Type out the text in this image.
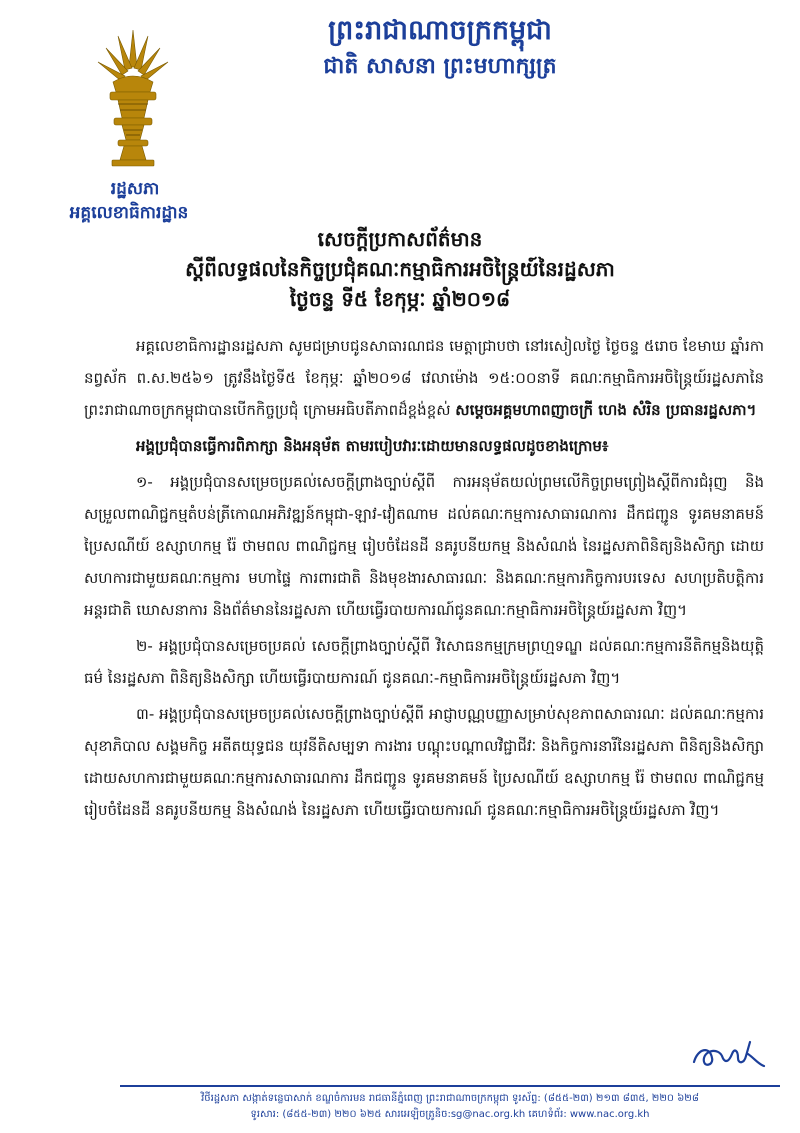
ព្រះរាជាណាចក្រកម្ពុជា
ជាតិ សាសនា ព្រះមហាក្សត្រ
រដ្ឋសភា
អគ្គលេខាធិការដ្ឋាន
សេចក្តីប្រកាសព័ត៌មាន
ស្តីពីលទ្ធផលនៃកិច្ចប្រជុំគណៈកម្មាធិការអចិន្ត្រៃយ៍នៃរដ្ឋសភា
ថ្ងៃចន្ទ ទី៥ ខែកុម្ភៈ ឆ្នាំ២០១៨

អគ្គលេខាធិការដ្ឋានរដ្ឋសភា សូមជម្រាបជូនសាធារណជន មេត្តាជ្រាបថា នៅរសៀលថ្ងៃ ថ្ងៃចន្ទ ៥រោច ខែមាឃ ឆ្នាំរកា នព្វស័ក ព.ស.២៥៦១ ត្រូវនឹងថ្ងៃទី៥ ខែកុម្ភៈ ឆ្នាំ២០១៨ វេលាម៉ោង ១៥:០០នាទី គណៈកម្មាធិការអចិន្ត្រៃយ៍រដ្ឋសភានៃព្រះរាជាណាចក្រកម្ពុជាបានបើកកិច្ចប្រជុំ ក្រោមអធិបតីភាពដ៏ខ្ពង់ខ្ពស់ សម្តេចអគ្គមហាពញាចក្រី ហេង សំរិន ប្រធានរដ្ឋសភា។

អង្គប្រជុំបានធ្វើការពិភាក្សា និងអនុម័ត តាមរបៀបវារៈដោយមានលទ្ធផលដូចខាងក្រោម៖

១- អង្គប្រជុំបានសម្រេចប្រគល់សេចក្តីព្រាងច្បាប់ស្តីពី ការអនុម័តយល់ព្រមលើកិច្ចព្រមព្រៀងស្តីពីការជំរុញ និងសម្រួលពាណិជ្ជកម្មតំបន់ត្រីកោណអភិវឌ្ឍន៍កម្ពុជា-ឡាវ-វៀតណាម ដល់គណៈកម្មការសាធារណការ ដឹកជញ្ជូន ទូរគមនាគមន៍ ប្រៃសណីយ៍ ឧស្សាហកម្ម រ៉ែ ថាមពល ពាណិជ្ជកម្ម រៀបចំដែនដី នគរូបនីយកម្ម និងសំណង់ នៃរដ្ឋសភាពិនិត្យនិងសិក្សា ដោយសហការជាមួយគណៈកម្មការ មហាផ្ទៃ ការពារជាតិ និងមុខងារសាធារណៈ និងគណៈកម្មការកិច្ចការបរទេស សហប្រតិបត្តិការ អន្តរជាតិ ឃោសនាការ និងព័ត៌មាននៃរដ្ឋសភា ហើយធ្វើរបាយការណ៍ជូនគណៈកម្មាធិការអចិន្ត្រៃយ៍រដ្ឋសភា វិញ។

២- អង្គប្រជុំបានសម្រេចប្រគល់ សេចក្តីព្រាងច្បាប់ស្តីពី វិសោធនកម្មក្រមព្រហ្មទណ្ឌ ដល់គណៈកម្មការនីតិកម្មនិងយុត្តិធម៌ នៃរដ្ឋសភា ពិនិត្យនិងសិក្សា ហើយធ្វើរបាយការណ៍ ជូនគណៈ-កម្មាធិការអចិន្ត្រៃយ៍រដ្ឋសភា វិញ។

៣- អង្គប្រជុំបានសម្រេចប្រគល់សេចក្តីព្រាងច្បាប់ស្តីពី អាជ្ញាបណ្ណបញ្ញាសម្រាប់សុខភាពសាធារណៈ ដល់គណៈកម្មការសុខាភិបាល សង្គមកិច្ច អតីតយុទ្ធជន យុវនីតិសម្បទា ការងារ បណ្តុះបណ្តាលវិជ្ជាជីវៈ និងកិច្ចការនារីនៃរដ្ឋសភា ពិនិត្យនិងសិក្សា ដោយសហការជាមួយគណៈកម្មការសាធារណការ ដឹកជញ្ជូន ទូរគមនាគមន៍ ប្រៃសណីយ៍ ឧស្សាហកម្ម រ៉ែ ថាមពល ពាណិជ្ជកម្ម រៀបចំដែនដី នគរូបនីយកម្ម និងសំណង់ នៃរដ្ឋសភា ហើយធ្វើរបាយការណ៍ ជូនគណៈកម្មាធិការអចិន្ត្រៃយ៍រដ្ឋសភា វិញ។

វិថីរដ្ឋសភា សង្កាត់ទន្លេបាសាក់ ខណ្ឌចំការមន រាជធានីភ្នំពេញ ព្រះរាជាណាចក្រកម្ពុជា ទូរស័ព្ទ: (៨៥៥-២៣) ២១៣ ៨៣៥, ២២០ ៦២៨
ទូរសារ: (៨៥៥-២៣) ២២០ ៦២៥ សារអេឡិចត្រូនិច:sg@nac.org.kh គេហទំព័រ: www.nac.org.kh
